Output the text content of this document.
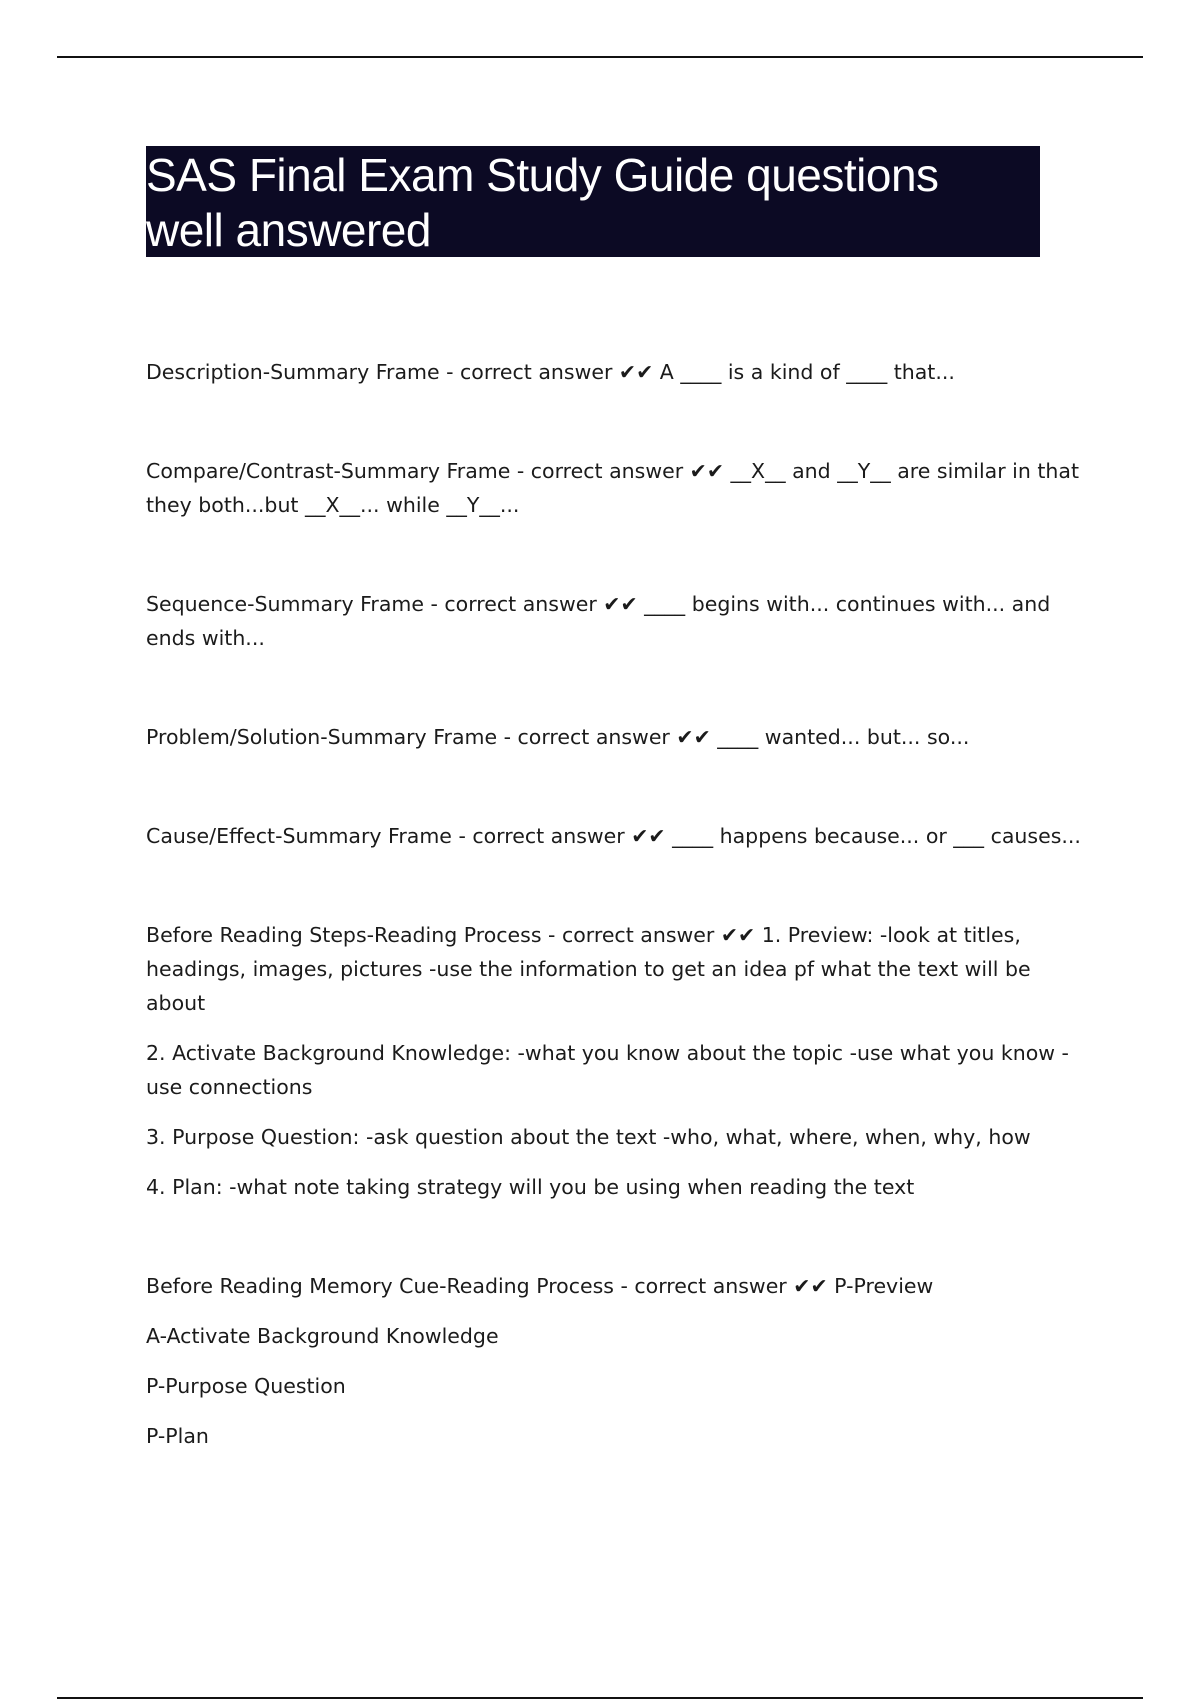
SAS Final Exam Study Guide questions
well answered

Description-Summary Frame - correct answer ✔✔ A ____ is a kind of ____ that...

Compare/Contrast-Summary Frame - correct answer ✔✔ __X__ and __Y__ are similar in that they both...but __X__... while __Y__...

Sequence-Summary Frame - correct answer ✔✔ ____ begins with... continues with... and ends with...

Problem/Solution-Summary Frame - correct answer ✔✔ ____ wanted... but... so...

Cause/Effect-Summary Frame - correct answer ✔✔ ____ happens because... or ___ causes...

Before Reading Steps-Reading Process - correct answer ✔✔ 1. Preview: -look at titles, headings, images, pictures -use the information to get an idea pf what the text will be about

2. Activate Background Knowledge: -what you know about the topic -use what you know -use connections

3. Purpose Question: -ask question about the text -who, what, where, when, why, how

4. Plan: -what note taking strategy will you be using when reading the text

Before Reading Memory Cue-Reading Process - correct answer ✔✔ P-Preview

A-Activate Background Knowledge

P-Purpose Question

P-Plan
